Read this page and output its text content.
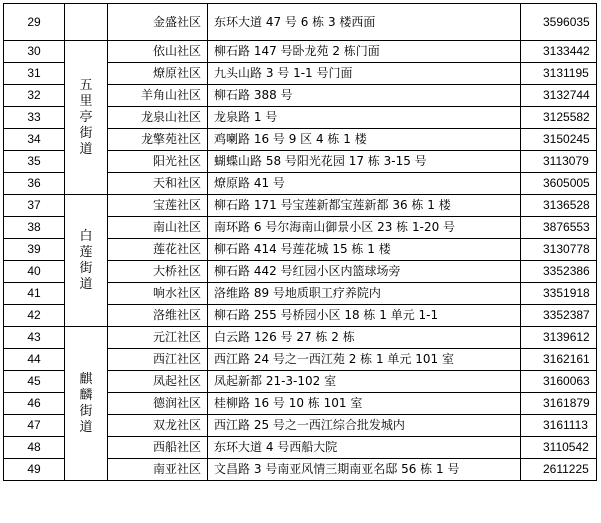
29		金盛社区	东环大道 47 号 6 栋 3 楼西面	3596035
30	五里亭街道	依山社区	柳石路 147 号卧龙苑 2 栋门面	3133442
31		燎原社区	九头山路 3 号 1-1 号门面	3131195
32		羊角山社区	柳石路 388 号	3132744
33		龙泉山社区	龙泉路 1 号	3125582
34		龙擎苑社区	鸡喇路 16 号 9 区 4 栋 1 楼	3150245
35		阳光社区	蝴蝶山路 58 号阳光花园 17 栋 3-15 号	3113079
36		天和社区	燎原路 41 号	3605005
37	白莲街道	宝莲社区	柳石路 171 号宝莲新都宝莲新都 36 栋 1 楼	3136528
38		南山社区	南环路 6 号尔海南山御景小区 23 栋 1-20 号	3876553
39		莲花社区	柳石路 414 号莲花城 15 栋 1 楼	3130778
40		大桥社区	柳石路 442 号红园小区内篮球场旁	3352386
41		响水社区	洛维路 89 号地质职工疗养院内	3351918
42		洛维社区	柳石路 255 号桥园小区 18 栋 1 单元 1-1	3352387
43	麒麟街道	元江社区	白云路 126 号 27 栋 2 栋	3139612
44		西江社区	西江路 24 号之一西江苑 2 栋 1 单元 101 室	3162161
45		凤起社区	凤起新都 21-3-102 室	3160063
46		德润社区	桂柳路 16 号 10 栋 101 室	3161879
47		双龙社区	西江路 25 号之一西江综合批发城内	3161113
48		西船社区	东环大道 4 号西船大院	3110542
49		南亚社区	文昌路 3 号南亚风情三期南亚名邸 56 栋 1 号	2611225
